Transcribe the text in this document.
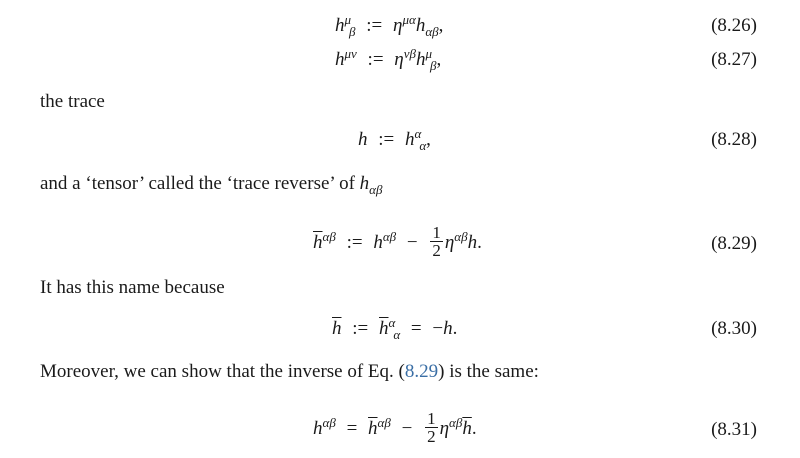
$h^\mu_\beta$ := $\eta^{\mu\alpha}h_{\alpha\beta}$,	(8.26)
$h^{\mu\nu}$ := $\eta^{\nu\beta}h^\mu_\beta$,	(8.27)
the trace
h := $h^\alpha_\alpha$,	(8.28)
and a ‘tensor’ called the ‘trace reverse’ of $h_{\alpha\beta}$
$\overline{h}^{\alpha\beta}$ := $h^{\alpha\beta} - \frac{1}{2} \eta^{\alpha\beta}h$.	(8.29)
It has this name because
$\overline{h}$ := $\overline{h}^\alpha_\alpha = -h$.	(8.30)
Moreover, we can show that the inverse of Eq. (8.29) is the same:
$h^{\alpha\beta} = \overline{h}^{\alpha\beta} - \frac{1}{2} \eta^{\alpha\beta}\overline{h}$.	(8.31)
